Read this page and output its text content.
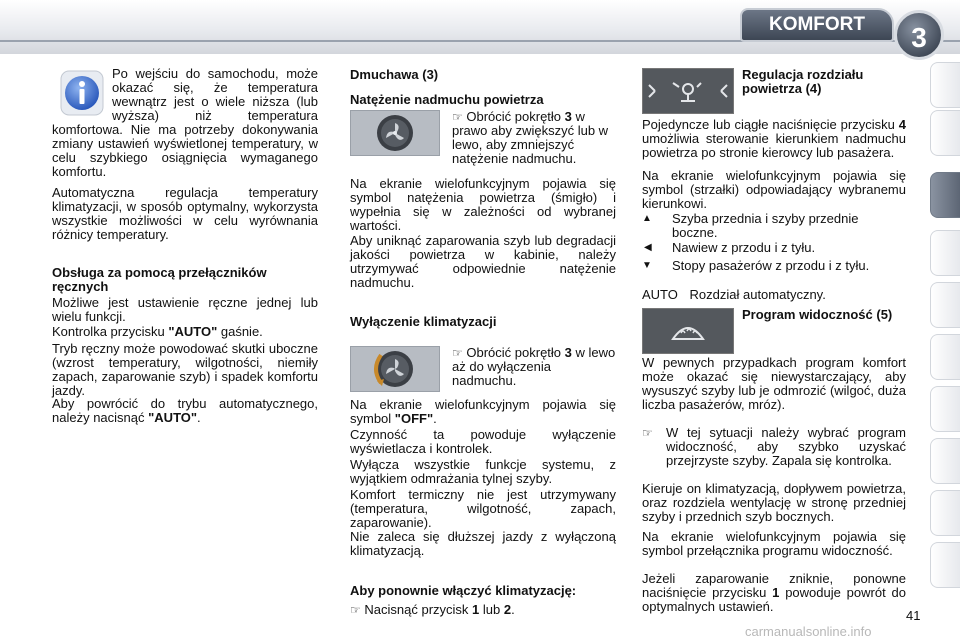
KOMFORT	3
Po wejściu do samochodu, może okazać się, że temperatura wewnątrz jest o wiele niższa (lub wyższa) niż temperatura komfortowa. Nie ma potrzeby dokonywania zmiany ustawień wyświetlonej temperatury, w celu szybkiego osiągnięcia wymaganego komfortu.

Automatyczna regulacja temperatury klimatyzacji, w sposób optymalny, wykorzysta wszystkie możliwości w celu wyrównania różnicy temperatury.

Obsługa za pomocą przełączników ręcznych

Możliwe jest ustawienie ręczne jednej lub wielu funkcji.

Kontrolka przycisku "AUTO" gaśnie.

Tryb ręczny może powodować skutki uboczne (wzrost temperatury, wilgotności, niemiły zapach, zaparowanie szyb) i spadek komfortu jazdy.

Aby powrócić do trybu automatycznego, należy nacisnąć "AUTO".

Dmuchawa (3)

Natężenie nadmuchu powietrza

☞ Obrócić pokrętło 3 w prawo aby zwiększyć lub w lewo, aby zmniejszyć natężenie nadmuchu.

Na ekranie wielofunkcyjnym pojawia się symbol natężenia powietrza (śmigło) i wypełnia się w zależności od wybranej wartości.

Aby uniknąć zaparowania szyb lub degradacji jakości powietrza w kabinie, należy utrzymywać odpowiednie natężenie nadmuchu.

Wyłączenie klimatyzacji

☞ Obrócić pokrętło 3 w lewo aż do wyłączenia nadmuchu.

Na ekranie wielofunkcyjnym pojawia się symbol "OFF".

Czynność ta powoduje wyłączenie wyświetlacza i kontrolek.

Wyłącza wszystkie funkcje systemu, z wyjątkiem odmrażania tylnej szyby.

Komfort termiczny nie jest utrzymywany (temperatura, wilgotność, zapach, zaparowanie).

Nie zaleca się dłuższej jazdy z wyłączoną klimatyzacją.

Aby ponownie włączyć klimatyzację:

☞ Nacisnąć przycisk 1 lub 2.

Regulacja rozdziału powietrza (4)

Pojedyncze lub ciągłe naciśnięcie przycisku 4 umożliwia sterowanie kierunkiem nadmuchu powietrza po stronie kierowcy lub pasażera.

Na ekranie wielofunkcyjnym pojawia się symbol (strzałki) odpowiadający wybranemu kierunkowi.

▲ Szyba przednia i szyby przednie boczne.
◀ Nawiew z przodu i z tyłu.
▼ Stopy pasażerów z przodu i z tyłu.
AUTO Rozdział automatyczny.

Program widoczność (5)

W pewnych przypadkach program komfort może okazać się niewystarczający, aby wysuszyć szyby lub je odmrozić (wilgoć, duża liczba pasażerów, mróz).

☞ W tej sytuacji należy wybrać program widoczność, aby szybko uzyskać przejrzyste szyby. Zapala się kontrolka.

Kieruje on klimatyzacją, dopływem powietrza, oraz rozdziela wentylację w stronę przedniej szyby i przednich szyb bocznych.

Na ekranie wielofunkcyjnym pojawia się symbol przełącznika programu widoczność.

Jeżeli zaparowanie zniknie, ponowne naciśnięcie przycisku 1 powoduje powrót do optymalnych ustawień.

41
carmanualsonline.info
